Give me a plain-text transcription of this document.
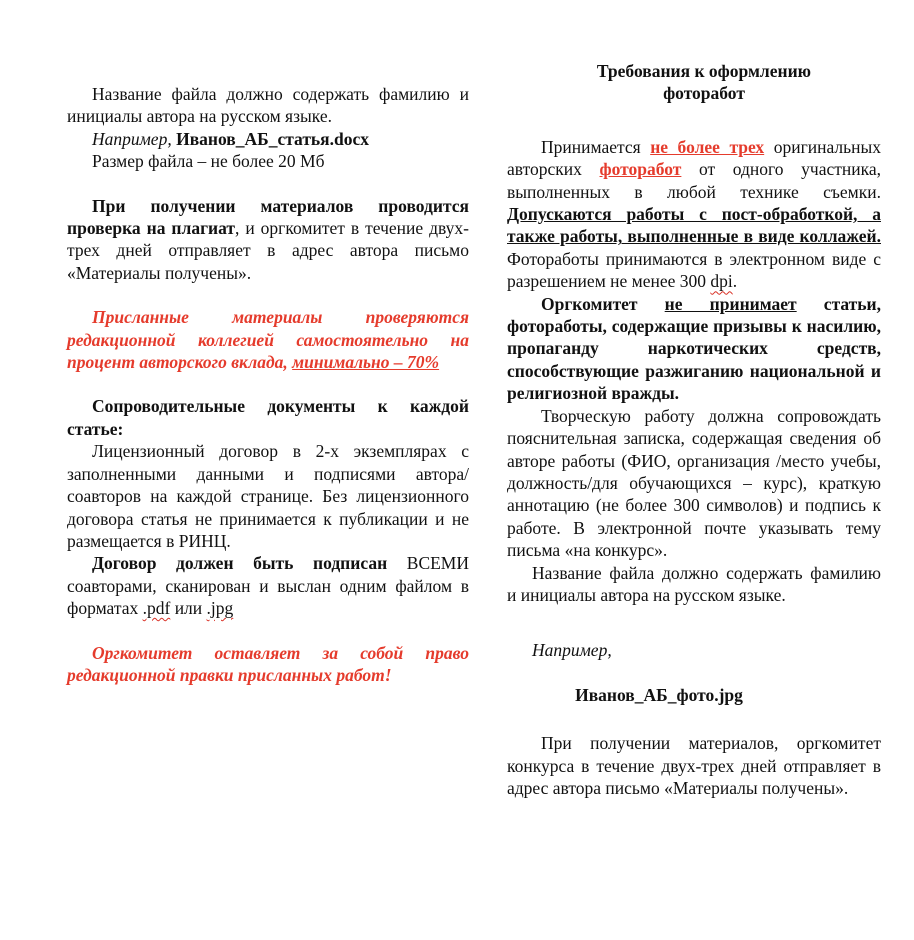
Название файла должно содержать фамилию и инициалы автора на русском языке.

Например, Иванов_АБ_статья.docx

Размер файла – не более 20 Мб

При получении материалов проводится проверка на плагиат, и оргкомитет в течение двух-трех дней отправляет в адрес автора письмо «Материалы получены».

Присланные материалы проверяются редакционной коллегией самостоятельно на процент авторского вклада, минимально – 70%

Сопроводительные документы к каждой статье:

Лицензионный договор в 2-х экземплярах с заполненными данными и подписями автора/соавторов на каждой странице. Без лицензионного договора статья не принимается к публикации и не размещается в РИНЦ.

Договор должен быть подписан ВСЕМИ соавторами, сканирован и выслан одним файлом в форматах .pdf или .jpg

Оргкомитет оставляет за собой право редакционной правки присланных работ!

Требования к оформлению фоторабот

Принимается не более трех оригинальных авторских фоторабот от одного участника, выполненных в любой технике съемки. Допускаются работы с пост-обработкой, а также работы, выполненные в виде коллажей. Фотоработы принимаются в электронном виде с разрешением не менее 300 dpi.

Оргкомитет не принимает статьи, фотоработы, содержащие призывы к насилию, пропаганду наркотических средств, способствующие разжиганию национальной и религиозной вражды.

Творческую работу должна сопровождать пояснительная записка, содержащая сведения об авторе работы (ФИО, организация /место учебы, должность/для обучающихся – курс), краткую аннотацию (не более 300 символов) и подпись к работе. В электронной почте указывать тему письма «на конкурс».

Название файла должно содержать фамилию и инициалы автора на русском языке.

Например,

Иванов_АБ_фото.jpg

При получении материалов, оргкомитет конкурса в течение двух-трех дней отправляет в адрес автора письмо «Материалы получены».
